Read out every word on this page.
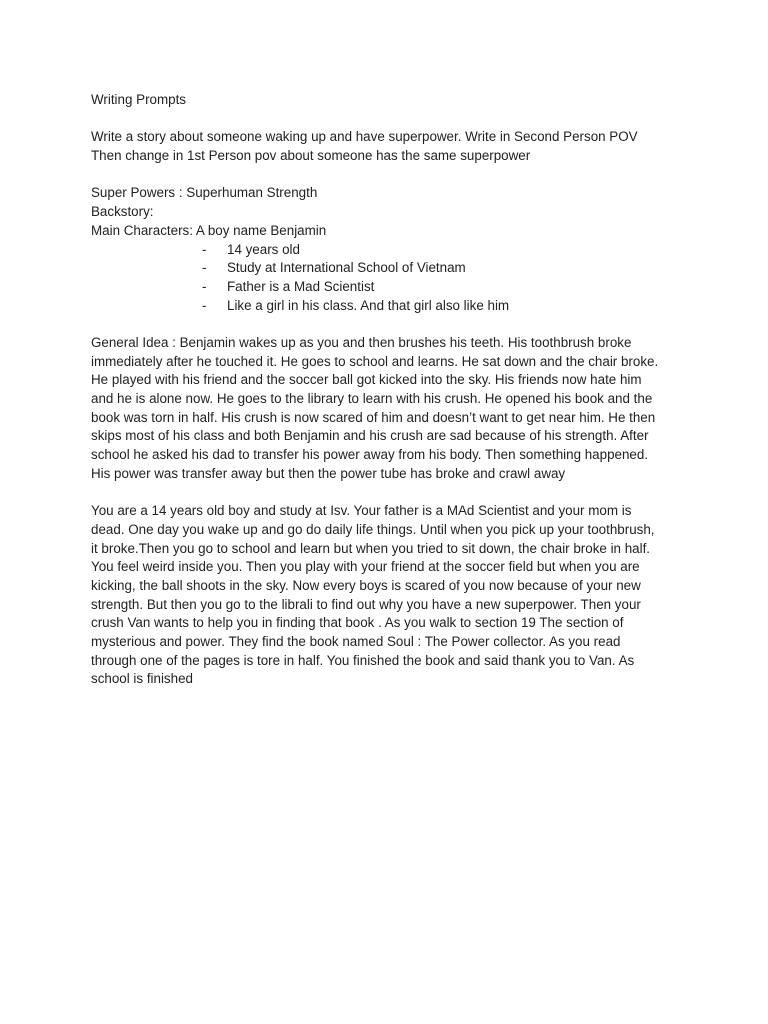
Writing Prompts
Write a story about someone waking up and have superpower. Write in Second Person POV
Then change in 1st Person pov about someone has the same superpower
Super Powers : Superhuman Strength
Backstory:
Main Characters: A boy name Benjamin
-	14 years old
-	Study at International School of Vietnam
-	Father is a Mad Scientist
-	Like a girl in his class. And that girl also like him
General Idea : Benjamin wakes up as you and then brushes his teeth. His toothbrush broke
immediately after he touched it. He goes to school and learns. He sat down and the chair broke.
He played with his friend and the soccer ball got kicked into the sky. His friends now hate him
and he is alone now. He goes to the library to learn with his crush. He opened his book and the
book was torn in half. His crush is now scared of him and doesn’t want to get near him. He then
skips most of his class and both Benjamin and his crush are sad because of his strength. After
school he asked his dad to transfer his power away from his body. Then something happened.
His power was transfer away but then the power tube has broke and crawl away
You are a 14 years old boy and study at Isv. Your father is a MAd Scientist and your mom is
dead. One day you wake up and go do daily life things. Until when you pick up your toothbrush,
it broke.Then you go to school and learn but when you tried to sit down, the chair broke in half.
You feel weird inside you. Then you play with your friend at the soccer field but when you are
kicking, the ball shoots in the sky. Now every boys is scared of you now because of your new
strength. But then you go to the librali to find out why you have a new superpower. Then your
crush Van wants to help you in finding that book . As you walk to section 19 The section of
mysterious and power. They find the book named Soul : The Power collector. As you read
through one of the pages is tore in half. You finished the book and said thank you to Van. As
school is finished
